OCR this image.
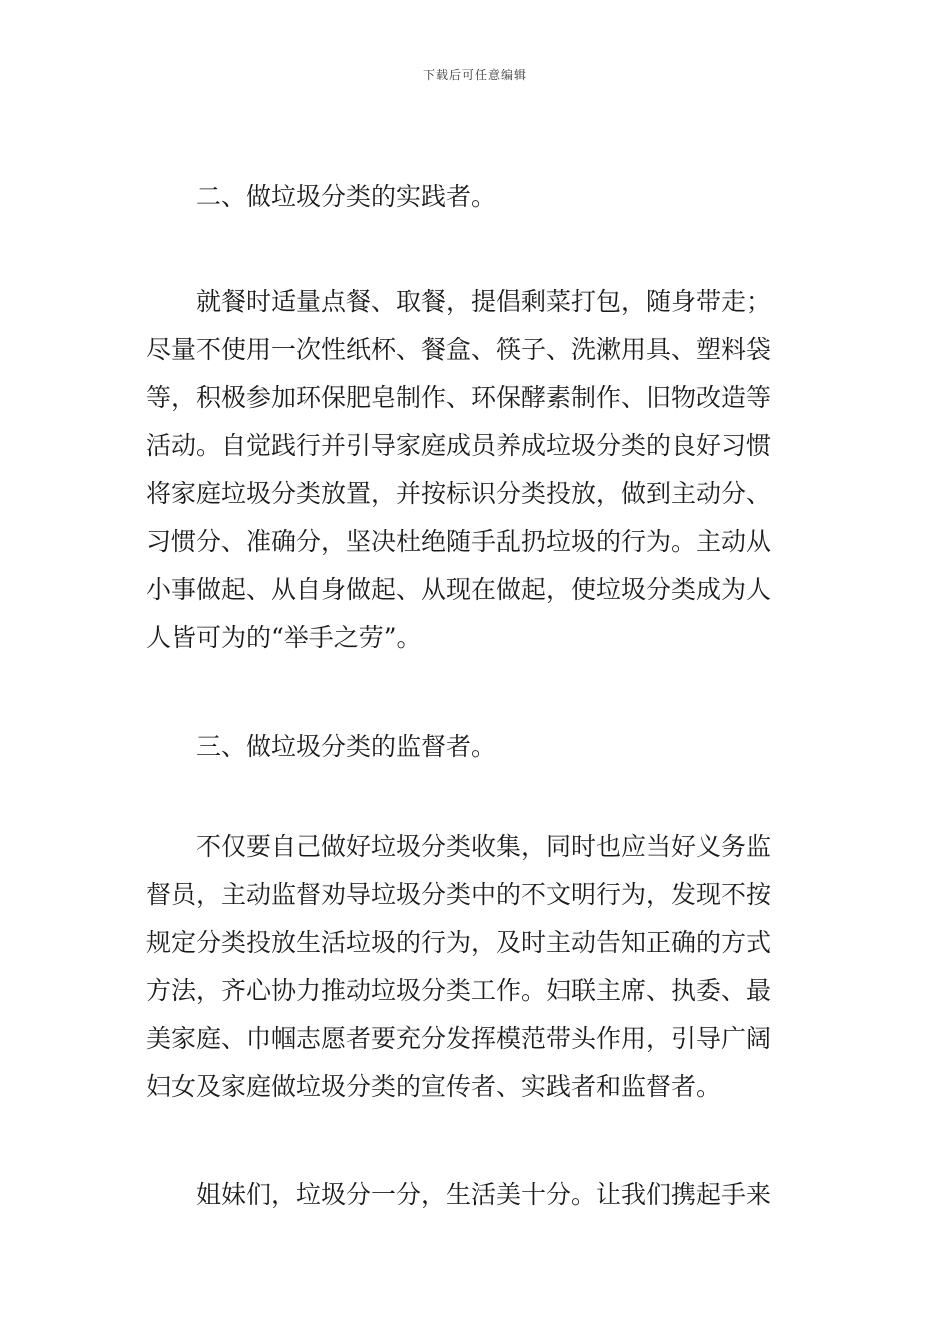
下载后可任意编辑
二、做垃圾分类的实践者。
就餐时适量点餐、取餐，提倡剩菜打包，随身带走；
尽量不使用一次性纸杯、餐盒、筷子、洗漱用具、塑料袋
等，积极参加环保肥皂制作、环保酵素制作、旧物改造等
活动。自觉践行并引导家庭成员养成垃圾分类的良好习惯
将家庭垃圾分类放置，并按标识分类投放，做到主动分、
习惯分、准确分，坚决杜绝随手乱扔垃圾的行为。主动从
小事做起、从自身做起、从现在做起，使垃圾分类成为人
人皆可为的“举手之劳”。
三、做垃圾分类的监督者。
不仅要自己做好垃圾分类收集，同时也应当好义务监
督员，主动监督劝导垃圾分类中的不文明行为，发现不按
规定分类投放生活垃圾的行为，及时主动告知正确的方式
方法，齐心协力推动垃圾分类工作。妇联主席、执委、最
美家庭、巾帼志愿者要充分发挥模范带头作用，引导广阔
妇女及家庭做垃圾分类的宣传者、实践者和监督者。
姐妹们，垃圾分一分，生活美十分。让我们携起手来
